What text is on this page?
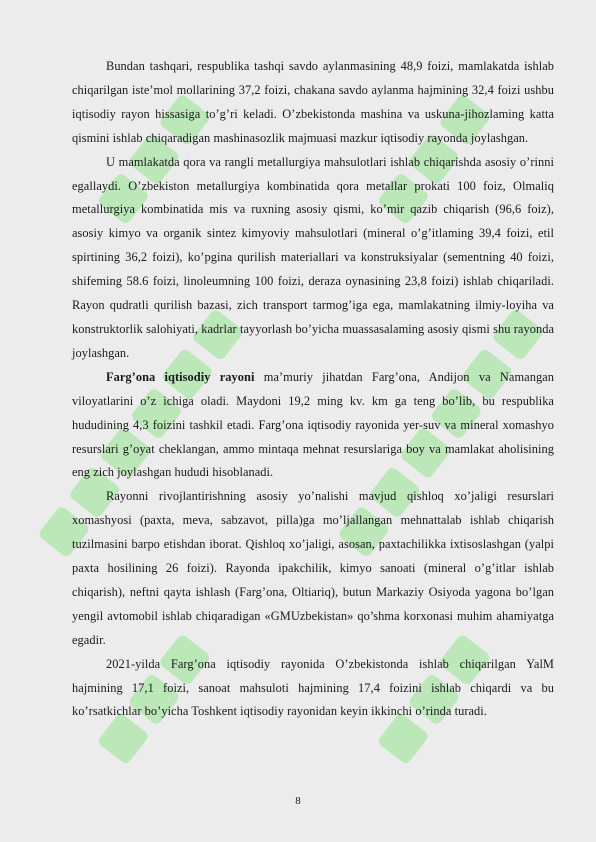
Bundan tashqari, respublika tashqi savdo aylanmasining 48,9 foizi, mamlakatda ishlab chiqarilgan iste’mol mollarining 37,2 foizi, chakana savdo aylanma hajmining 32,4 foizi ushbu iqtisodiy rayon hissasiga to’g’ri keladi. O’zbekistonda mashina va uskuna-jihozlaming katta qismini ishlab chiqaradigan mashinasozlik majmuasi mazkur iqtisodiy rayonda joylashgan.

U mamlakatda qora va rangli metallurgiya mahsulotlari ishlab chiqarishda asosiy o’rinni egallaydi. O’zbekiston metallurgiya kombinatida qora metallar prokati 100 foiz, Olmaliq metallurgiya kombinatida mis va ruxning asosiy qismi, ko’mir qazib chiqarish (96,6 foiz), asosiy kimyo va organik sintez kimyoviy mahsulotlari (mineral o’g’itlaming 39,4 foizi, etil spirtining 36,2 foizi), ko’pgina qurilish materiallari va konstruksiyalar (sementning 40 foizi, shifeming 58.6 foizi, linoleumning 100 foizi, deraza oynasining 23,8 foizi) ishlab chiqariladi. Rayon qudratli qurilish bazasi, zich transport tarmog’iga ega, mamlakatning ilmiy-loyiha va konstruktorlik salohiyati, kadrlar tayyorlash bo’yicha muassasalaming asosiy qismi shu rayonda joylashgan.

Farg’ona iqtisodiy rayoni ma’muriy jihatdan Farg’ona, Andijon va Namangan viloyatlarini o’z ichiga oladi. Maydoni 19,2 ming kv. km ga teng bo’lib, bu respublika hududining 4,3 foizini tashkil etadi. Farg’ona iqtisodiy rayonida yer-suv va mineral xomashyo resurslari g’oyat cheklangan, ammo mintaqa mehnat resurslariga boy va mamlakat aholisining eng zich joylashgan hududi hisoblanadi.

Rayonni rivojlantirishning asosiy yo’nalishi mavjud qishloq xo’jaligi resurslari xomashyosi (paxta, meva, sabzavot, pilla)ga mo’ljallangan mehnattalab ishlab chiqarish tuzilmasini barpo etishdan iborat. Qishloq xo’jaligi, asosan, paxtachilikka ixtisoslashgan (yalpi paxta hosilining 26 foizi). Rayonda ipakchilik, kimyo sanoati (mineral o’g’itlar ishlab chiqarish), neftni qayta ishlash (Farg’ona, Oltiariq), butun Markaziy Osiyoda yagona bo’lgan yengil avtomobil ishlab chiqaradigan «GMUzbekistan» qo’shma korxonasi muhim ahamiyatga egadir.

2021-yilda Farg’ona iqtisodiy rayonida O’zbekistonda ishlab chiqarilgan YalM hajmining 17,1 foizi, sanoat mahsuloti hajmining 17,4 foizini ishlab chiqardi va bu ko’rsatkichlar bo’yicha Toshkent iqtisodiy rayonidan keyin ikkinchi o’rinda turadi.

8
